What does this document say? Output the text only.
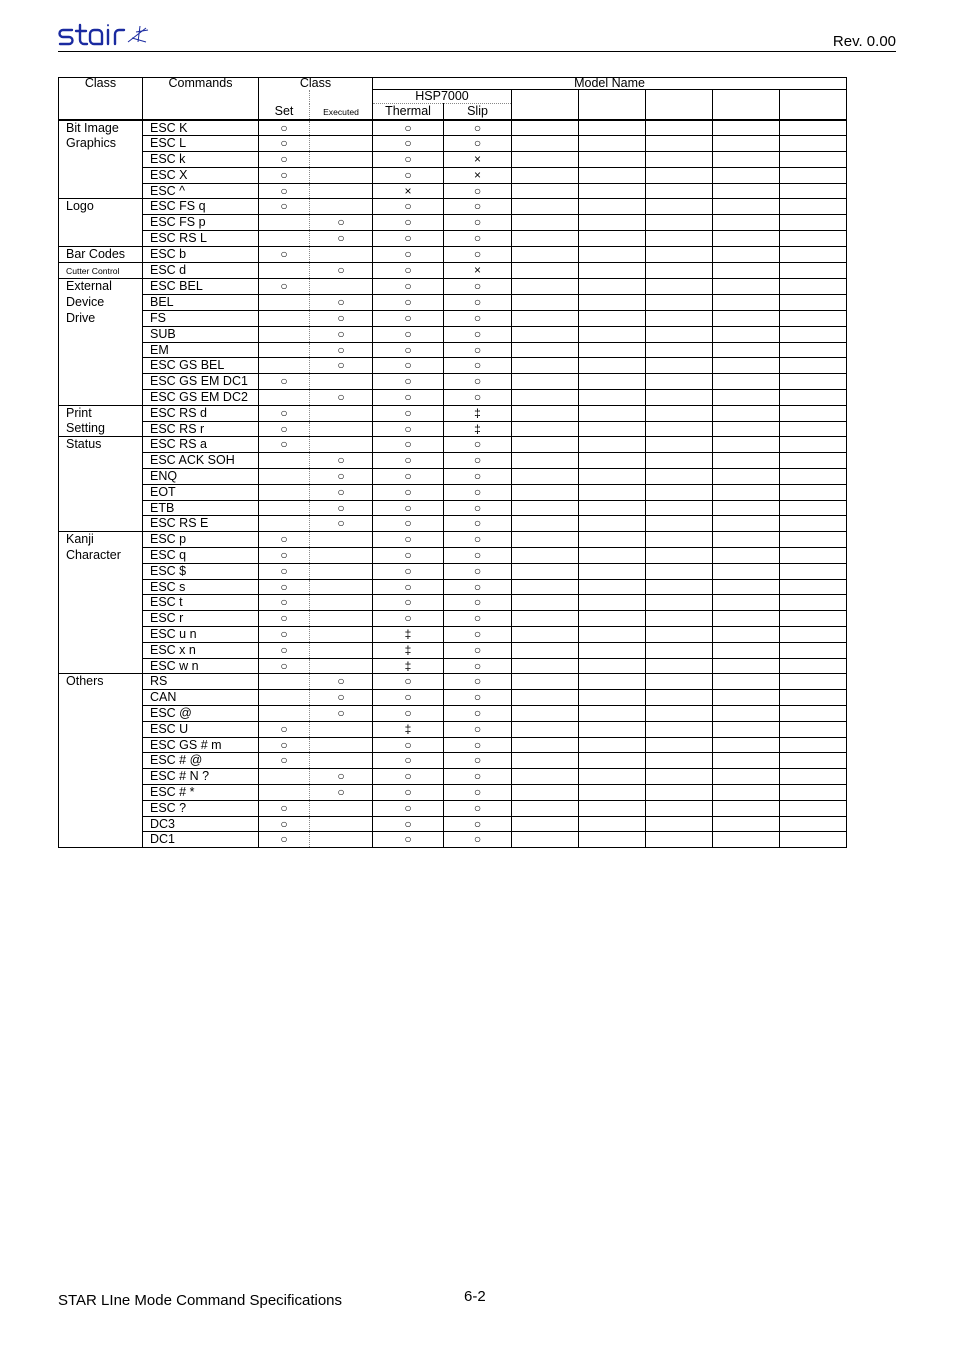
Rev. 0.00
Class	Commands	Class		Model Name						
				HSP7000						
		Set	Executed	Thermal	Slip					
Bit Image	ESC K	○		○	○					
Graphics	ESC L	○		○	○					
	ESC k	○		○	×					
	ESC X	○		○	×					
	ESC ^	○		×	○					
Logo	ESC FS q	○		○	○					
	ESC FS p		○	○	○					
	ESC RS L		○	○	○					
Bar Codes	ESC b	○		○	○					
Cutter Control	ESC d		○	○	×					
External	ESC BEL	○		○	○					
Device	BEL		○	○	○					
Drive	FS		○	○	○					
	SUB		○	○	○					
	EM		○	○	○					
	ESC GS BEL		○	○	○					
	ESC GS EM DC1	○		○	○					
	ESC GS EM DC2		○	○	○					
Print	ESC RS d	○		○	‡					
Setting	ESC RS r	○		○	‡					
Status	ESC RS a	○		○	○					
	ESC ACK SOH		○	○	○					
	ENQ		○	○	○					
	EOT		○	○	○					
	ETB		○	○	○					
	ESC RS E		○	○	○					
Kanji	ESC p	○		○	○					
Character	ESC q	○		○	○					
	ESC $	○		○	○					
	ESC s	○		○	○					
	ESC t	○		○	○					
	ESC r	○		○	○					
	ESC u n	○		‡	○					
	ESC x n	○		‡	○					
	ESC w n	○		‡	○					
Others	RS		○	○	○					
	CAN		○	○	○					
	ESC @		○	○	○					
	ESC U	○		‡	○					
	ESC GS # m	○		○	○					
	ESC # @	○		○	○					
	ESC # N ?		○	○	○					
	ESC # *		○	○	○					
	ESC ?	○		○	○					
	DC3	○		○	○					
	DC1	○		○	○					
STAR LIne Mode Command Specifications	6-2
